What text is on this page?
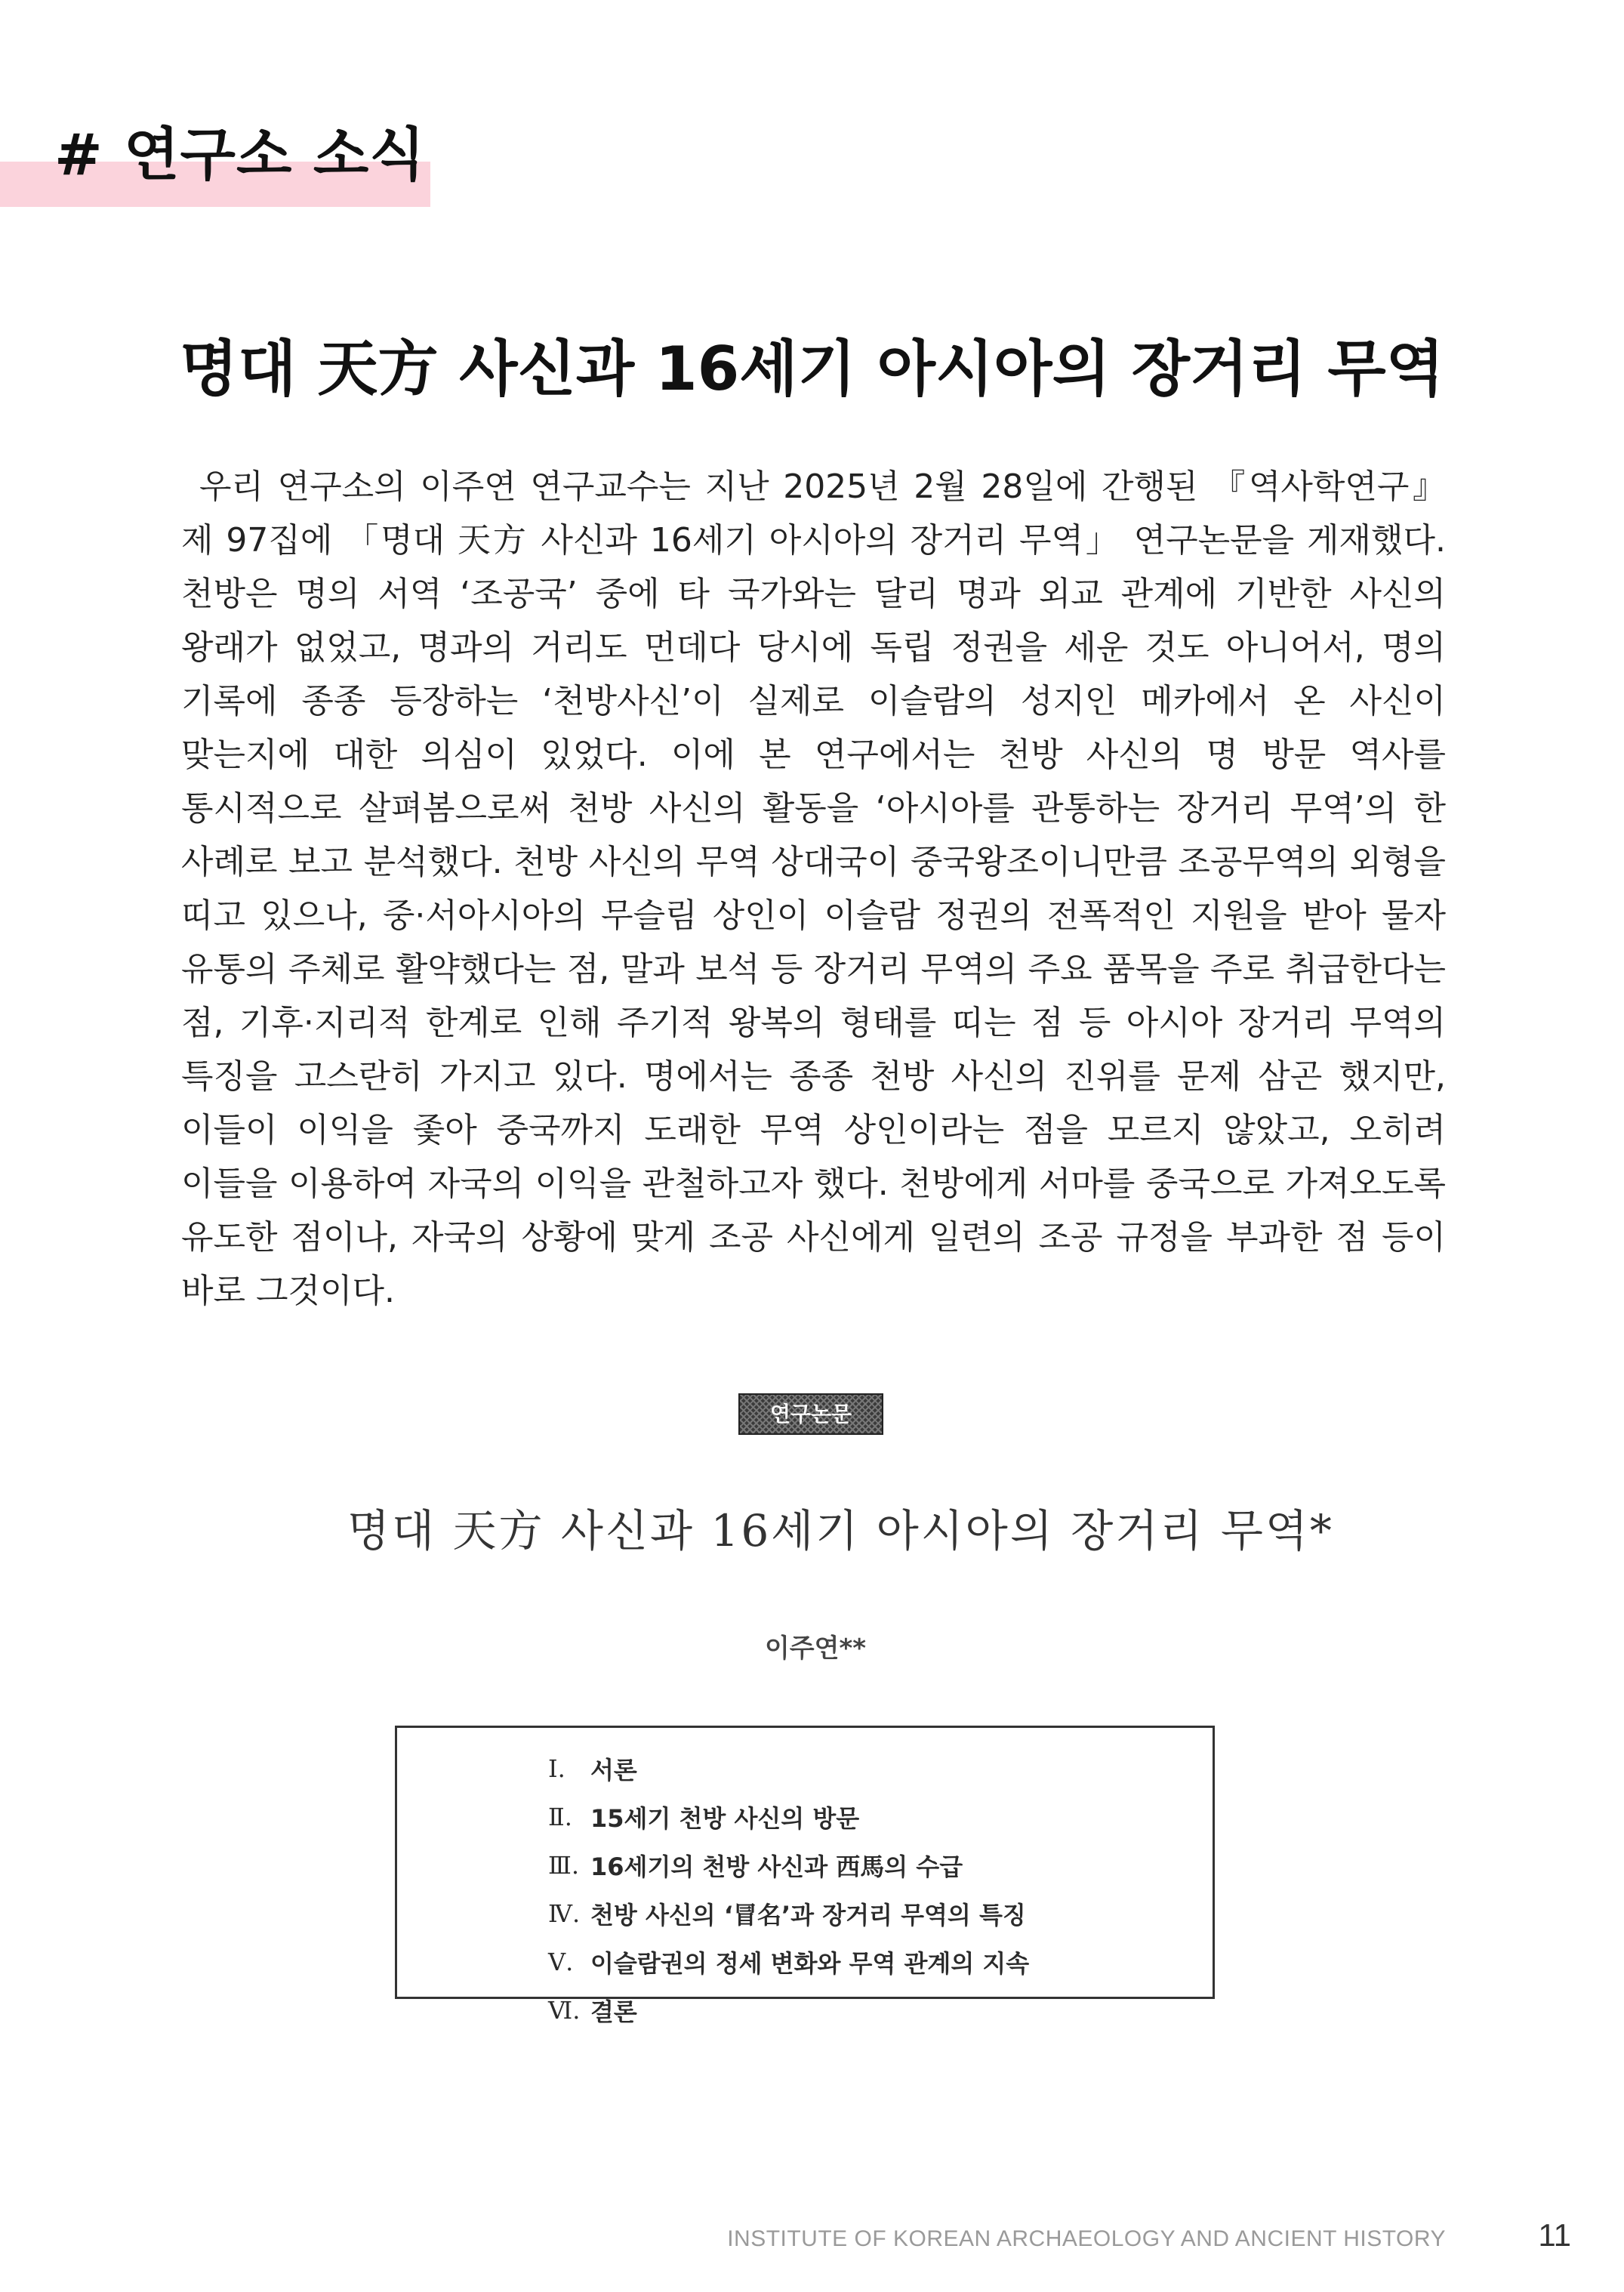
# 연구소 소식
명대 天方 사신과 16세기 아시아의 장거리 무역

우리 연구소의 이주연 연구교수는 지난 2025년 2월 28일에 간행된 『역사학연구』 제 97집에 「명대 天方 사신과 16세기 아시아의 장거리 무역」 연구논문을 게재했다. 천방은 명의 서역 ‘조공국’ 중에 타 국가와는 달리 명과 외교 관계에 기반한 사신의 왕래가 없었고, 명과의 거리도 먼데다 당시에 독립 정권을 세운 것도 아니어서, 명의 기록에 종종 등장하는 ‘천방사신’이 실제로 이슬람의 성지인 메카에서 온 사신이 맞는지에 대한 의심이 있었다. 이에 본 연구에서는 천방 사신의 명 방문 역사를 통시적으로 살펴봄으로써 천방 사신의 활동을 ‘아시아를 관통하는 장거리 무역’의 한 사례로 보고 분석했다. 천방 사신의 무역 상대국이 중국왕조이니만큼 조공무역의 외형을 띠고 있으나, 중·서아시아의 무슬림 상인이 이슬람 정권의 전폭적인 지원을 받아 물자 유통의 주체로 활약했다는 점, 말과 보석 등 장거리 무역의 주요 품목을 주로 취급한다는 점, 기후·지리적 한계로 인해 주기적 왕복의 형태를 띠는 점 등 아시아 장거리 무역의 특징을 고스란히 가지고 있다. 명에서는 종종 천방 사신의 진위를 문제 삼곤 했지만, 이들이 이익을 좇아 중국까지 도래한 무역 상인이라는 점을 모르지 않았고, 오히려 이들을 이용하여 자국의 이익을 관철하고자 했다. 천방에게 서마를 중국으로 가져오도록 유도한 점이나, 자국의 상황에 맞게 조공 사신에게 일련의 조공 규정을 부과한 점 등이 바로 그것이다.

연구논문
명대 天方 사신과 16세기 아시아의 장거리 무역*
이주연**
Ⅰ.	서론
Ⅱ. 15세기 천방 사신의 방문
Ⅲ. 16세기의 천방 사신과 西馬의 수급
Ⅳ. 천방 사신의 ‘冒名’과 장거리 무역의 특징
Ⅴ. 이슬람권의 정세 변화와 무역 관계의 지속
Ⅵ. 결론
INSTITUTE OF KOREAN ARCHAEOLOGY AND ANCIENT HISTORY	11
